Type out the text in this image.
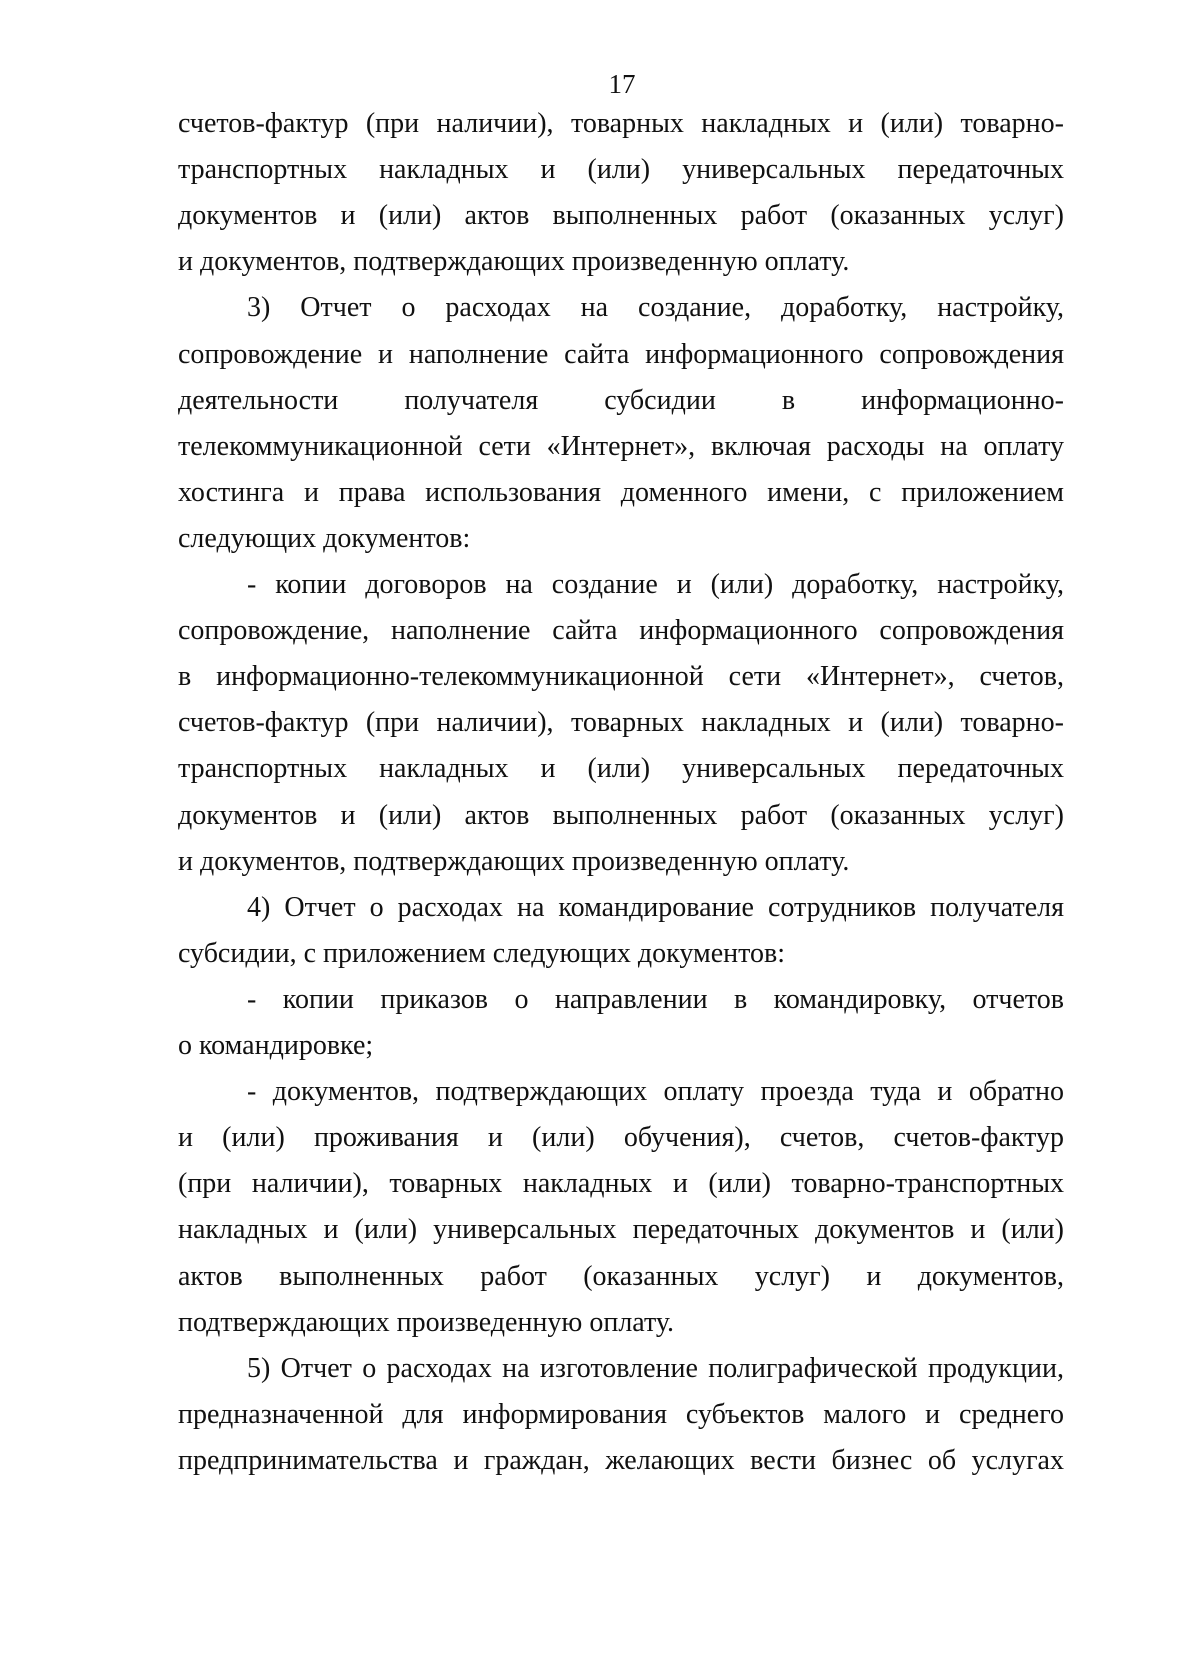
17
счетов-фактур (при наличии), товарных накладных и (или) товарно-
транспортных накладных и (или) универсальных передаточных
документов и (или) актов выполненных работ (оказанных услуг)
и документов, подтверждающих произведенную оплату.
3) Отчет о расходах на создание, доработку, настройку,
сопровождение и наполнение сайта информационного сопровождения
деятельности получателя субсидии в информационно-
телекоммуникационной сети «Интернет», включая расходы на оплату
хостинга и права использования доменного имени, с приложением
следующих документов:
- копии договоров на создание и (или) доработку, настройку,
сопровождение, наполнение сайта информационного сопровождения
в информационно-телекоммуникационной сети «Интернет», счетов,
счетов-фактур (при наличии), товарных накладных и (или) товарно-
транспортных накладных и (или) универсальных передаточных
документов и (или) актов выполненных работ (оказанных услуг)
и документов, подтверждающих произведенную оплату.
4) Отчет о расходах на командирование сотрудников получателя
субсидии, с приложением следующих документов:
- копии приказов о направлении в командировку, отчетов
о командировке;
- документов, подтверждающих оплату проезда туда и обратно
и (или) проживания и (или) обучения), счетов, счетов-фактур
(при наличии), товарных накладных и (или) товарно-транспортных
накладных и (или) универсальных передаточных документов и (или)
актов выполненных работ (оказанных услуг) и документов,
подтверждающих произведенную оплату.
5) Отчет о расходах на изготовление полиграфической продукции,
предназначенной для информирования субъектов малого и среднего
предпринимательства и граждан, желающих вести бизнес об услугах
